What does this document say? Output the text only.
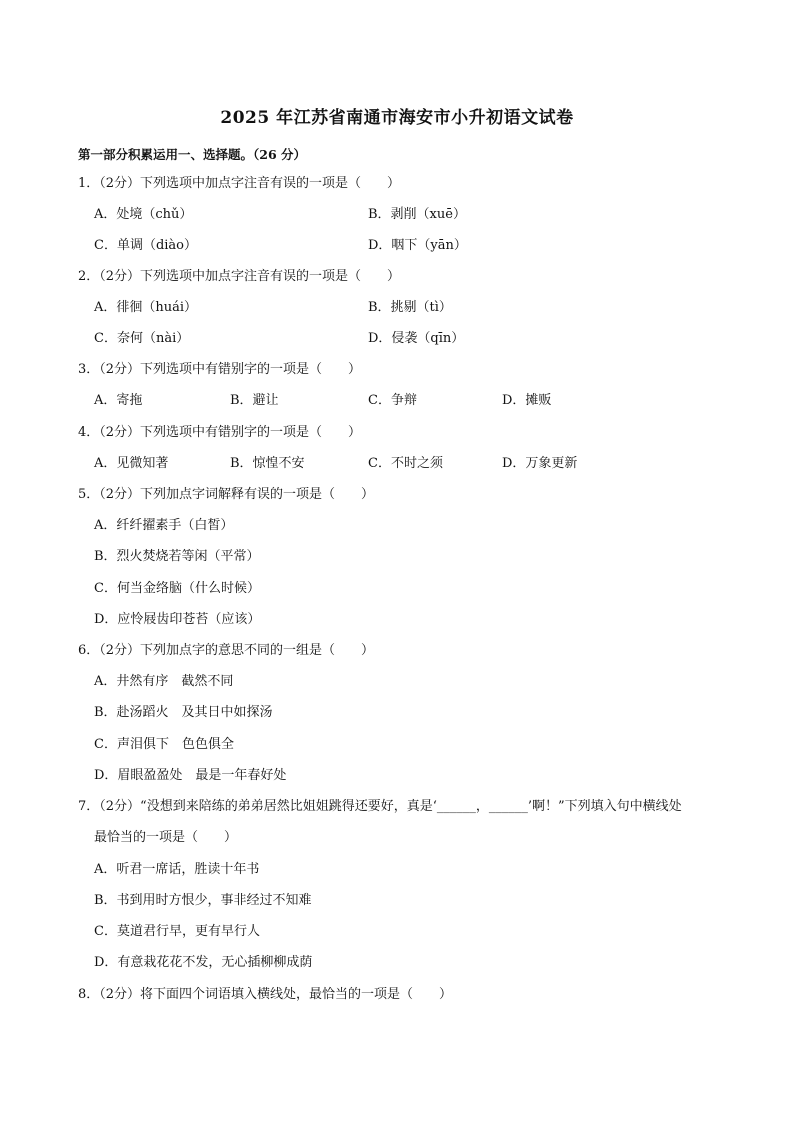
2025 年江苏省南通市海安市小升初语文试卷
第一部分积累运用一、选择题。（26 分）
1．（2分）下列选项中加点字注音有误的一项是（　　）
A．处境（chǔ）	B．剥削（xuē）
C．单调（diào）	D．咽下（yān）
2．（2分）下列选项中加点字注音有误的一项是（　　）
A．徘徊（huái）	B．挑剔（tì）
C．奈何（nài）	D．侵袭（qīn）
3．（2分）下列选项中有错别字的一项是（　　）
A．寄拖	B．避让	C．争辩	D．摊贩
4．（2分）下列选项中有错别字的一项是（　　）
A．见微知著	B．惊惶不安	C．不时之须	D．万象更新
5．（2分）下列加点字词解释有误的一项是（　　）
A．纤纤擢素手（白皙）
B．烈火焚烧若等闲（平常）
C．何当金络脑（什么时候）
D．应怜屐齿印苍苔（应该）
6．（2分）下列加点字的意思不同的一组是（　　）
A．井然有序　截然不同
B．赴汤蹈火　及其日中如探汤
C．声泪俱下　色色俱全
D．眉眼盈盈处　最是一年春好处
7．（2分）“没想到来陪练的弟弟居然比姐姐跳得还要好，真是‘______，______’啊！”下列填入句中横线处
最恰当的一项是（　　）
A．听君一席话，胜读十年书
B．书到用时方恨少，事非经过不知难
C．莫道君行早，更有早行人
D．有意栽花花不发，无心插柳柳成荫
8．（2分）将下面四个词语填入横线处，最恰当的一项是（　　）
